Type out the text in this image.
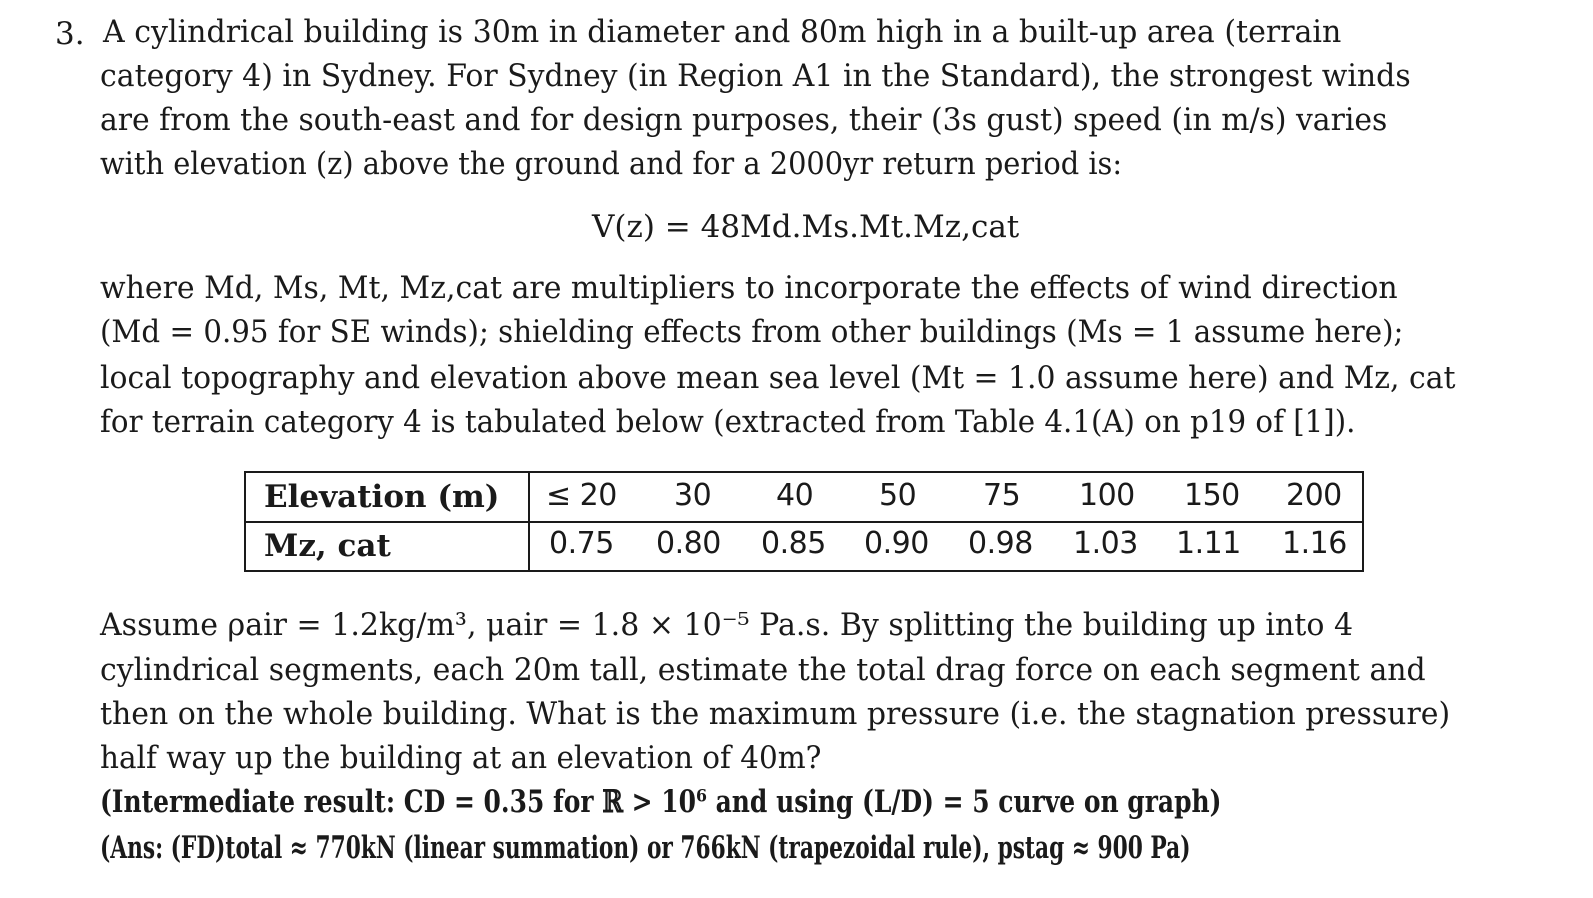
3. A cylindrical building is 30m in diameter and 80m high in a built-up area (terrain
category 4) in Sydney. For Sydney (in Region A1 in the Standard), the strongest winds
are from the south-east and for design purposes, their (3s gust) speed (in m/s) varies
with elevation (z) above the ground and for a 2000yr return period is:
V(z) = 48Md.Ms.Mt.Mz,cat
where Md, Ms, Mt, Mz,cat are multipliers to incorporate the effects of wind direction
(Md = 0.95 for SE winds); shielding effects from other buildings (Ms = 1 assume here);
local topography and elevation above mean sea level (Mt = 1.0 assume here) and Mz, cat
for terrain category 4 is tabulated below (extracted from Table 4.1(A) on p19 of [1]).
Elevation (m)
Mz, cat
≤ 20 30 40 50 75 100 150 200
0.75 0.80 0.85 0.90 0.98 1.03 1.11 1.16
Assume ρair = 1.2kg/m³, μair = 1.8 × 10⁻⁵ Pa.s. By splitting the building up into 4
cylindrical segments, each 20m tall, estimate the total drag force on each segment and
then on the whole building. What is the maximum pressure (i.e. the stagnation pressure)
half way up the building at an elevation of 40m?
(Intermediate result: CD = 0.35 for ℝ > 10⁶ and using (L/D) = 5 curve on graph)
(Ans: (FD)total ≈ 770kN (linear summation) or 766kN (trapezoidal rule), pstag ≈ 900 Pa)
